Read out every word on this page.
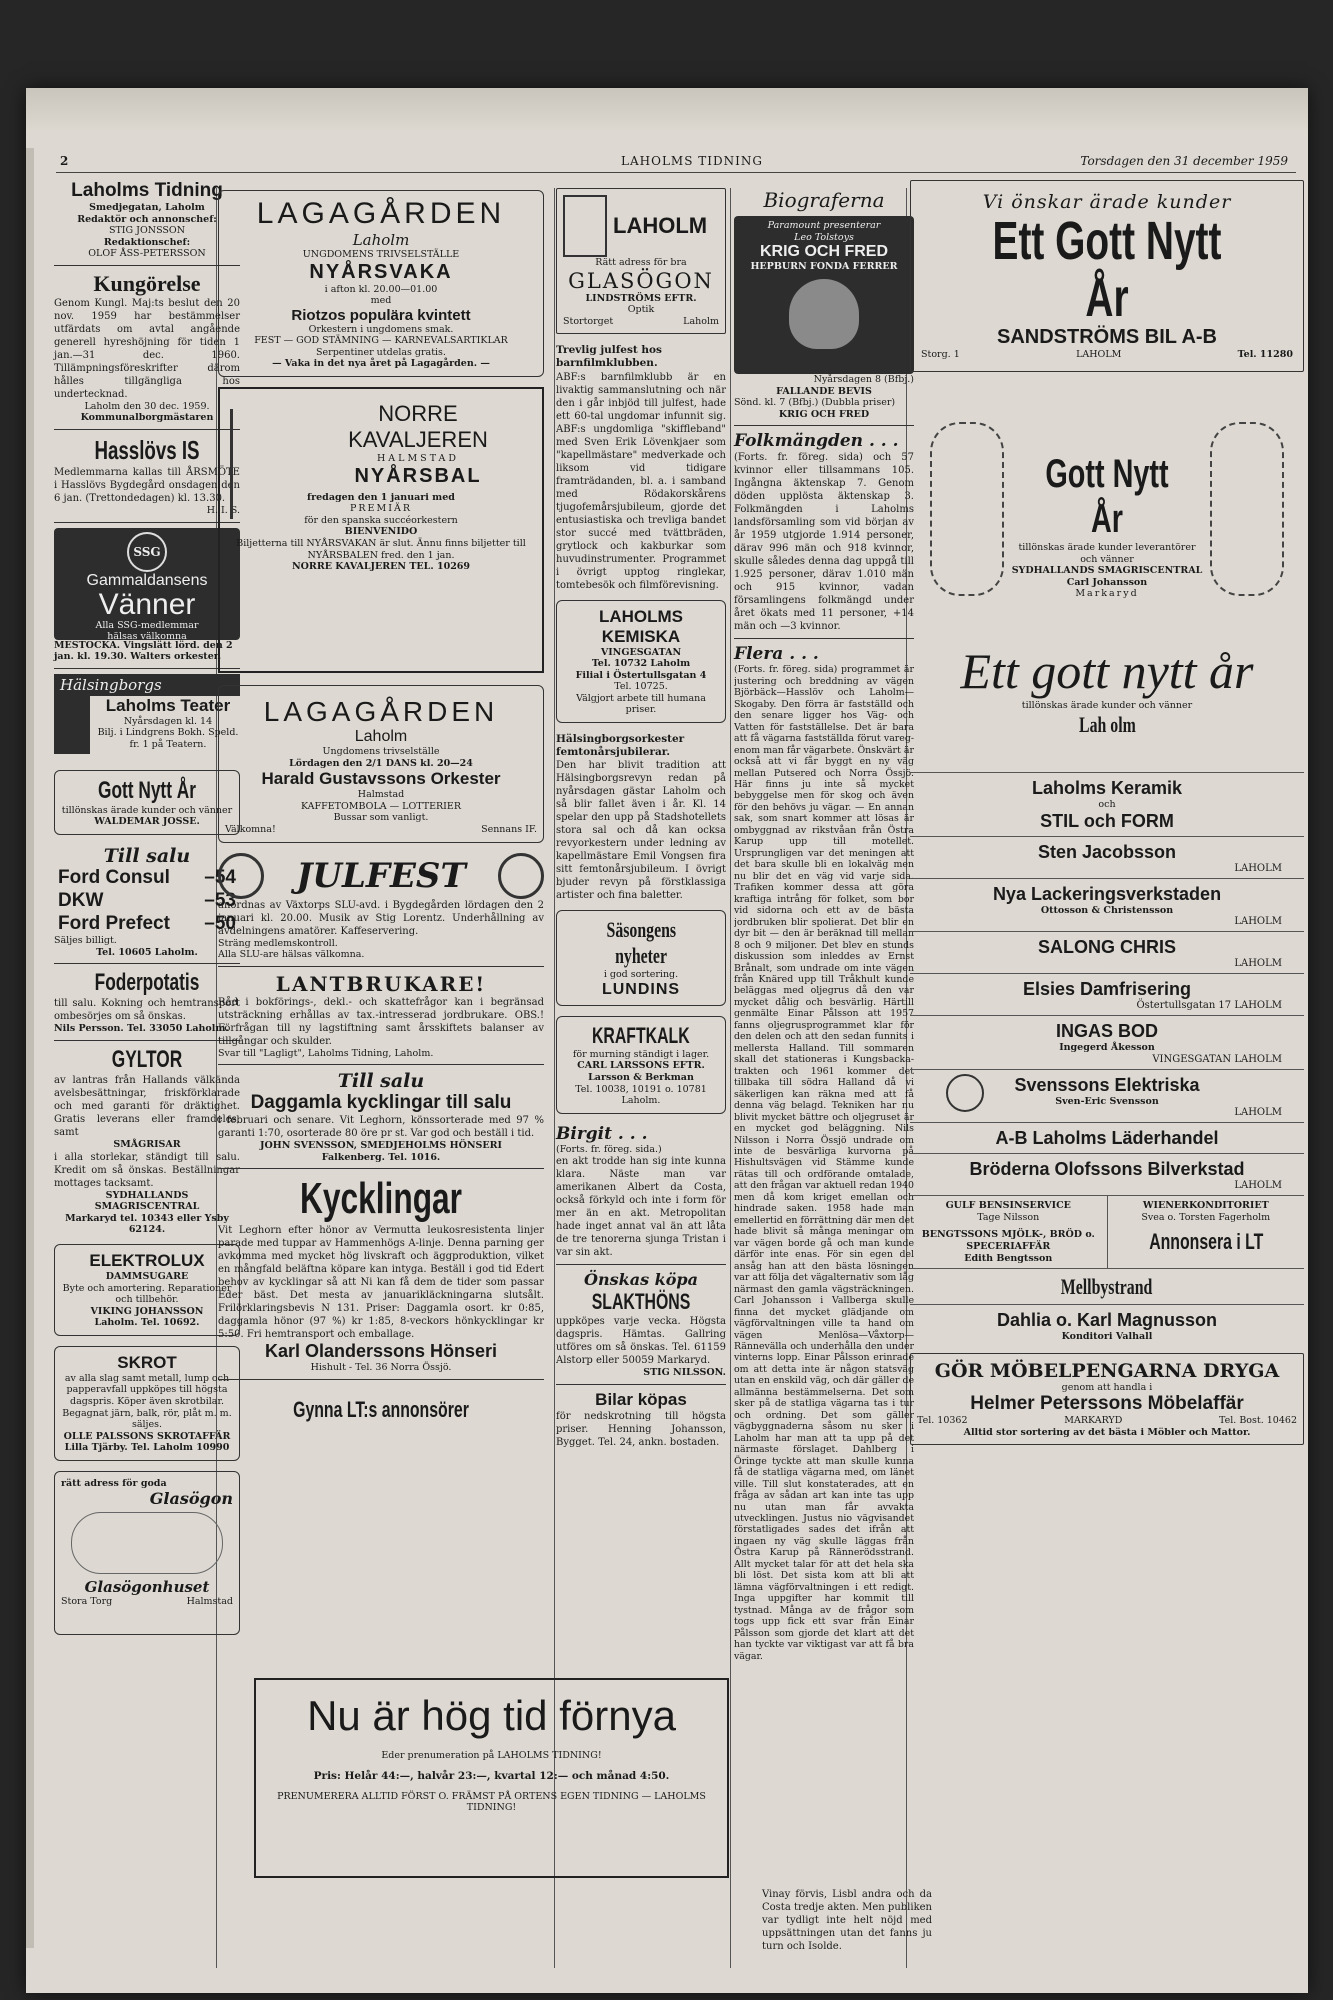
2	LAHOLMS TIDNING	Torsdagen den 31 december 1959
Laholms Tidning
Smedjegatan, Laholm
Redaktör och annonschef:
STIG JONSSON
Redaktionschef:
OLOF ÅSS-PETERSSON
Kungörelse

Genom Kungl. Maj:ts beslut den 20 nov. 1959 har bestämmelser utfärdats om avtal angående generell hyreshöjning för tiden 1 jan.—31 dec. 1960. Tillämpningsföreskrifter därom hålles tillgängliga hos undertecknad.

Laholm den 30 dec. 1959.

Kommunalborgmästaren

Hasslövs IS

Medlemmarna kallas till ÅRSMÖTE i Hasslövs Bygdegård onsdagen den 6 jan. (Trettondedagen) kl. 13.30.

H. I. S.

SSG
Gammaldansens
Vänner
Alla SSG-medlemmar
hälsas välkomna

MESTOCKA. Vingslätt lörd. den 2 jan. kl. 19.30. Walters orkester.

Hälsingborgs
Laholms Teater
Nyårsdagen kl. 14
Bilj. i Lindgrens Bokh. Speld. fr. 1 på Teatern.
Gott Nytt År
tillönskas ärade kunder och vänner
WALDEMAR JOSSE.
Till salu
Ford Consul –54
DKW	–53
Ford Prefect –50

Säljes billigt.

Tel. 10605 Laholm.

Foderpotatis

till salu. Kokning och hemtransport ombesörjes om så önskas.

Nils Persson. Tel. 33050 Laholm.

GYLTOR

av lantras från Hallands välkända avelsbesättningar, friskförklarade och med garanti för dräktighet. Gratis leverans eller framdeles, samt

SMÅGRISAR

i alla storlekar, ständigt till salu. Kredit om så önskas. Beställningar mottages tacksamt.

SYDHALLANDS SMAGRISCENTRAL

Markaryd tel. 10343 eller Ysby 62124.

ELEKTROLUX
DAMMSUGARE
Byte och amortering. Reparationer och tillbehör.
VIKING JOHANSSON
Laholm. Tel. 10692.
SKROT
av alla slag samt metall, lump och papperavfall uppköpes till högsta dagspris. Köper även skrotbilar. Begagnat järn, balk, rör, plåt m. m. säljes.
OLLE PALSSONS SKROTAFFÄR
Lilla Tjärby. Tel. Laholm 10990
rätt adress för goda
Glasögon
Glasögonhuset
Stora Torg	Halmstad
LAGAGÅRDEN
Laholm
UNGDOMENS TRIVSELSTÄLLE
NYÅRSVAKA
i afton kl. 20.00—01.00
med
Riotzos populära kvintett
Orkestern i ungdomens smak.
FEST — GOD STÄMNING — KARNEVALSARTIKLAR
Serpentiner utdelas gratis.
— Vaka in det nya året på Lagagården. —
NORRE
KAVALJEREN
HALMSTAD
NYÅRSBAL
fredagen den 1 januari med
PREMIÄR
för den spanska succéorkestern
BIENVENIDO
Biljetterna till NYÅRSVAKAN är slut. Ännu finns biljetter till NYÅRSBALEN fred. den 1 jan.
NORRE KAVALJEREN TEL. 10269
LAGAGÅRDEN
Laholm
Ungdomens trivselställe
Lördagen den 2/1 DANS kl. 20—24
Harald Gustavssons Orkester
Halmstad
KAFFETOMBOLA — LOTTERIER
Bussar som vanligt.
Välkomna!	Sennans IF.
JULFEST

anordnas av Växtorps SLU-avd. i Bygdegården lördagen den 2 januari kl. 20.00. Musik av Stig Lorentz. Underhållning av avdelningens amatörer. Kaffeservering.

Sträng medlemskontroll.

Alla SLU-are hälsas välkomna.

LANTBRUKARE!

Råd i bokförings-, dekl.- och skattefrågor kan i begränsad utsträckning erhållas av tax.-intresserad jordbrukare. OBS.! Förfrågan till ny lagstiftning samt årsskiftets balanser av tillgångar och skulder.

Svar till "Lagligt", Laholms Tidning, Laholm.

Till salu
Daggamla kycklingar till salu

i februari och senare. Vit Leghorn, könssorterade med 97 % garanti 1:70, osorterade 80 öre pr st. Var god och beställ i tid.

JOHN SVENSSON, SMEDJEHOLMS HÖNSERI

Falkenberg. Tel. 1016.

Kycklingar

Vit Leghorn efter hönor av Vermutta leukosresistenta linjer parade med tuppar av Hammenhögs A-linje. Denna parning ger avkomma med mycket hög livskraft och äggproduktion, vilket en mångfald beläftna köpare kan intyga. Beställ i god tid Edert behov av kycklingar så att Ni kan få dem de tider som passar Eder bäst. Det mesta av januarikläckningarna slutsålt. Frilörklaringsbevis N 131. Priser: Daggamla osort. kr 0:85, daggamla hönor (97 %) kr 1:85, 8-veckors hönkycklingar kr 5:50. Fri hemtransport och emballage.

Karl Olanderssons Hönseri

Hishult - Tel. 36 Norra Össjö.

Gynna LT:s annonsörer

Nu är hög tid förnya
Eder prenumeration på LAHOLMS TIDNING!
Pris: Helår 44:—, halvår 23:—, kvartal 12:— och månad 4:50.
PRENUMERERA ALLTID FÖRST O. FRÄMST PÅ ORTENS EGEN TIDNING — LAHOLMS TIDNING!
LAHOLM
Rätt adress för bra
GLASÖGON
LINDSTRÖMS EFTR.
Optik
Stortorget	Laholm

Trevlig julfest hos barnfilmklubben.

ABF:s barnfilmklubb är en livaktig sammanslutning och när den i går inbjöd till julfest, hade ett 60-tal ungdomar infunnit sig. ABF:s ungdomliga "skiffleband" med Sven Erik Lövenkjaer som "kapellmästare" medverkade och liksom vid tidigare framträdanden, bl. a. i samband med Rödakorskårens tjugofemårsjubileum, gjorde det entusiastiska och trevliga bandet stor succé med tvättbräden, grytlock och kakburkar som huvudinstrumenter. Programmet i övrigt upptog ringlekar, tomtebesök och filmförevisning.

LAHOLMS
KEMISKA
VINGESGATAN
Tel. 10732 Laholm
Filial i Östertullsgatan 4
Tel. 10725.
Välgjort arbete till humana priser.

Hälsingborgsorkester femtonårsjubilerar.

Den har blivit tradition att Hälsingborgsrevyn redan på nyårsdagen gästar Laholm och så blir fallet även i år. Kl. 14 spelar den upp på Stadshotellets stora sal och då kan ocksa revyorkestern under ledning av kapellmästare Emil Vongsen fira sitt femtonårsjubileum. I övrigt bjuder revyn på förstklassiga artister och fina baletter.

Säsongens nyheter
i god sortering.
LUNDINS
KRAFTKALK
för murning ständigt i lager.
CARL LARSSONS EFTR.
Larsson & Berkman
Tel. 10038, 10191 o. 10781 Laholm.

Birgit . . .

(Forts. fr. föreg. sida.)

en akt trodde han sig inte kunna klara. Näste man var amerikanen Albert da Costa, också förkyld och inte i form för mer än en akt. Metropolitan hade inget annat val än att låta de tre tenorerna sjunga Tristan i var sin akt.

Önskas köpa

SLAKTHÖNS

uppköpes varje vecka. Högsta dagspris. Hämtas. Gallring utföres om så önskas. Tel. 61159 Alstorp eller 50059 Markaryd.

STIG NILSSON.

Bilar köpas

för nedskrotning till högsta priser. Henning Johansson, Bygget. Tel. 24, ankn. bostaden.

Biograferna

Paramount presenterar
Leo Tolstoys
KRIG OCH FRED
HEPBURN FONDA FERRER

Nyårsdagen 8 (Bfbj.)

FALLANDE BEVIS

Sönd. kl. 7 (Bfbj.) (Dubbla priser)

KRIG OCH FRED

Folkmängden . . .

(Forts. fr. föreg. sida) och 57 kvinnor eller tillsammans 105. Ingångna äktenskap 7. Genom döden upplösta äktenskap 3. Folkmängden i Laholms landsförsamling som vid början av år 1959 utgjorde 1.914 personer, därav 996 män och 918 kvinnor, skulle således denna dag uppgå till 1.925 personer, därav 1.010 män och 915 kvinnor, vadan församlingens folkmängd under året ökats med 11 personer, +14 män och —3 kvinnor.

Flera . . .

(Forts. fr. föreg. sida) programmet är justering och breddning av vägen Björbäck—Hasslöv och Laholm—Skogaby. Den förra är fastställd och den senare ligger hos Väg- och Vatten för fastställelse. Det är bara att få vägarna fastställda förut varegenom man får vägarbete. Önskvärt är också att vi får byggt en ny väg mellan Putsered och Norra Össjö. Här finns ju inte så mycket bebyggelse men för skog och även för den behövs ju vägar. — En annan sak, som snart kommer att lösas är ombyggnad av rikstvåan från Östra Karup upp till motellet. Ursprungligen var det meningen att det bara skulle bli en lokalväg men nu blir det en väg vid varje sida. Trafiken kommer dessa att göra kraftiga intrång för folket, som bor vid sidorna och ett av de bästa jordbruken blir spolierat. Det blir en dyr bit — den är beräknad till mellan 8 och 9 miljoner. Det blev en stunds diskussion som inleddes av Ernst Brånalt, som undrade om inte vägen från Knäred upp till Tråkhult kunde beläggas med oljegrus då den var mycket dålig och besvärlig. Härtill genmälte Einar Pålsson att 1957 fanns oljegrusprogrammet klar för den delen och att den sedan funnits i mellersta Halland. Till sommaren skall det stationeras i Kungsbackatrakten och 1961 kommer det tillbaka till södra Halland då vi säkerligen kan räkna med att få denna väg belagd. Tekniken har nu blivit mycket bättre och oljegruset är en mycket god beläggning. Nils Nilsson i Norra Össjö undrade om inte de besvärliga kurvorna på Hishultsvägen vid Stämme kunde rätas till och ordförande omtalade, att den frågan var aktuell redan 1940 men då kom kriget emellan och hindrade saken. 1958 hade man emellertid en förrättning där men det hade blivit så många meningar om var vägen borde gå och man kunde därför inte enas. För sin egen del ansåg han att den bästa lösningen var att följa det vägalternativ som låg närmast den gamla vägsträckningen. Carl Johansson i Vallberga skulle finna det mycket glädjande om vägförvaltningen ville ta hand om vägen Menlösa—Våxtorp—Rännevälla och underhålla den under vinterns lopp. Einar Pålsson erinrade om att detta inte är någon statsväg utan en enskild väg, och där gäller de allmänna bestämmelserna. Det som sker på de statliga vägarna tas i tur och ordning. Det som gäller vägbyggnaderna såsom nu sker i Laholm har man att ta upp på det närmaste förslaget. Dahlberg i Öringe tyckte att man skulle kunna få de statliga vägarna med, om länet ville. Till slut konstaterades, att en fråga av sådan art kan inte tas upp nu utan man får avvakta utvecklingen. Justus nio vägvisandet förstatligades sades det ifrån att ingaen ny väg skulle läggas från Östra Karup på Rännerödsstrand. Allt mycket talar för att det hela ska bli löst. Det sista kom att bli att lämna vägförvaltningen i ett redigt. Inga uppgifter har kommit till tystnad. Många av de frågor som togs upp fick ett svar från Einar Pålsson som gjorde det klart att det han tyckte var viktigast var att få bra vägar.

Vinay förvis, Lisbl andra och da Costa tredje akten. Men publiken var tydligt inte helt nöjd med uppsättningen utan det fanns ju turn och Isolde.

Vi önskar ärade kunder
Ett Gott Nytt År
SANDSTRÖMS BIL A-B
Storg. 1	LAHOLM	Tel. 11280
Gott Nytt År
tillönskas ärade kunder leverantörer och vänner
SYDHALLANDS SMAGRISCENTRAL
Carl Johansson
Markaryd
Ett gott nytt år
tillönskas ärade kunder och vänner
Lah olm
Laholms Keramik
och
STIL och FORM
Sten Jacobsson
LAHOLM
Nya Lackeringsverkstaden
Ottosson & Christensson
LAHOLM
SALONG CHRIS
LAHOLM
Elsies Damfrisering
Östertullsgatan 17 LAHOLM
INGAS BOD
Ingegerd Åkesson
VINGESGATAN LAHOLM
Svenssons Elektriska
Sven-Eric Svensson
LAHOLM
A-B Laholms Läderhandel
Bröderna Olofssons Bilverkstad
LAHOLM
GULF BENSINSERVICE
Tage Nilsson
BENGTSSONS MJÖLK-, BRÖD o. SPECERIAFFÄR
Edith Bengtsson
WIENERKONDITORIET
Svea o. Torsten Fagerholm
Annonsera i LT
Mellbystrand
Dahlia o. Karl Magnusson
Konditori Valhall
GÖR MÖBELPENGARNA DRYGA
genom att handla i
Helmer Peterssons Möbelaffär
Tel. 10362	MARKARYD	Tel. Bost. 10462
Alltid stor sortering av det bästa i Möbler och Mattor.
